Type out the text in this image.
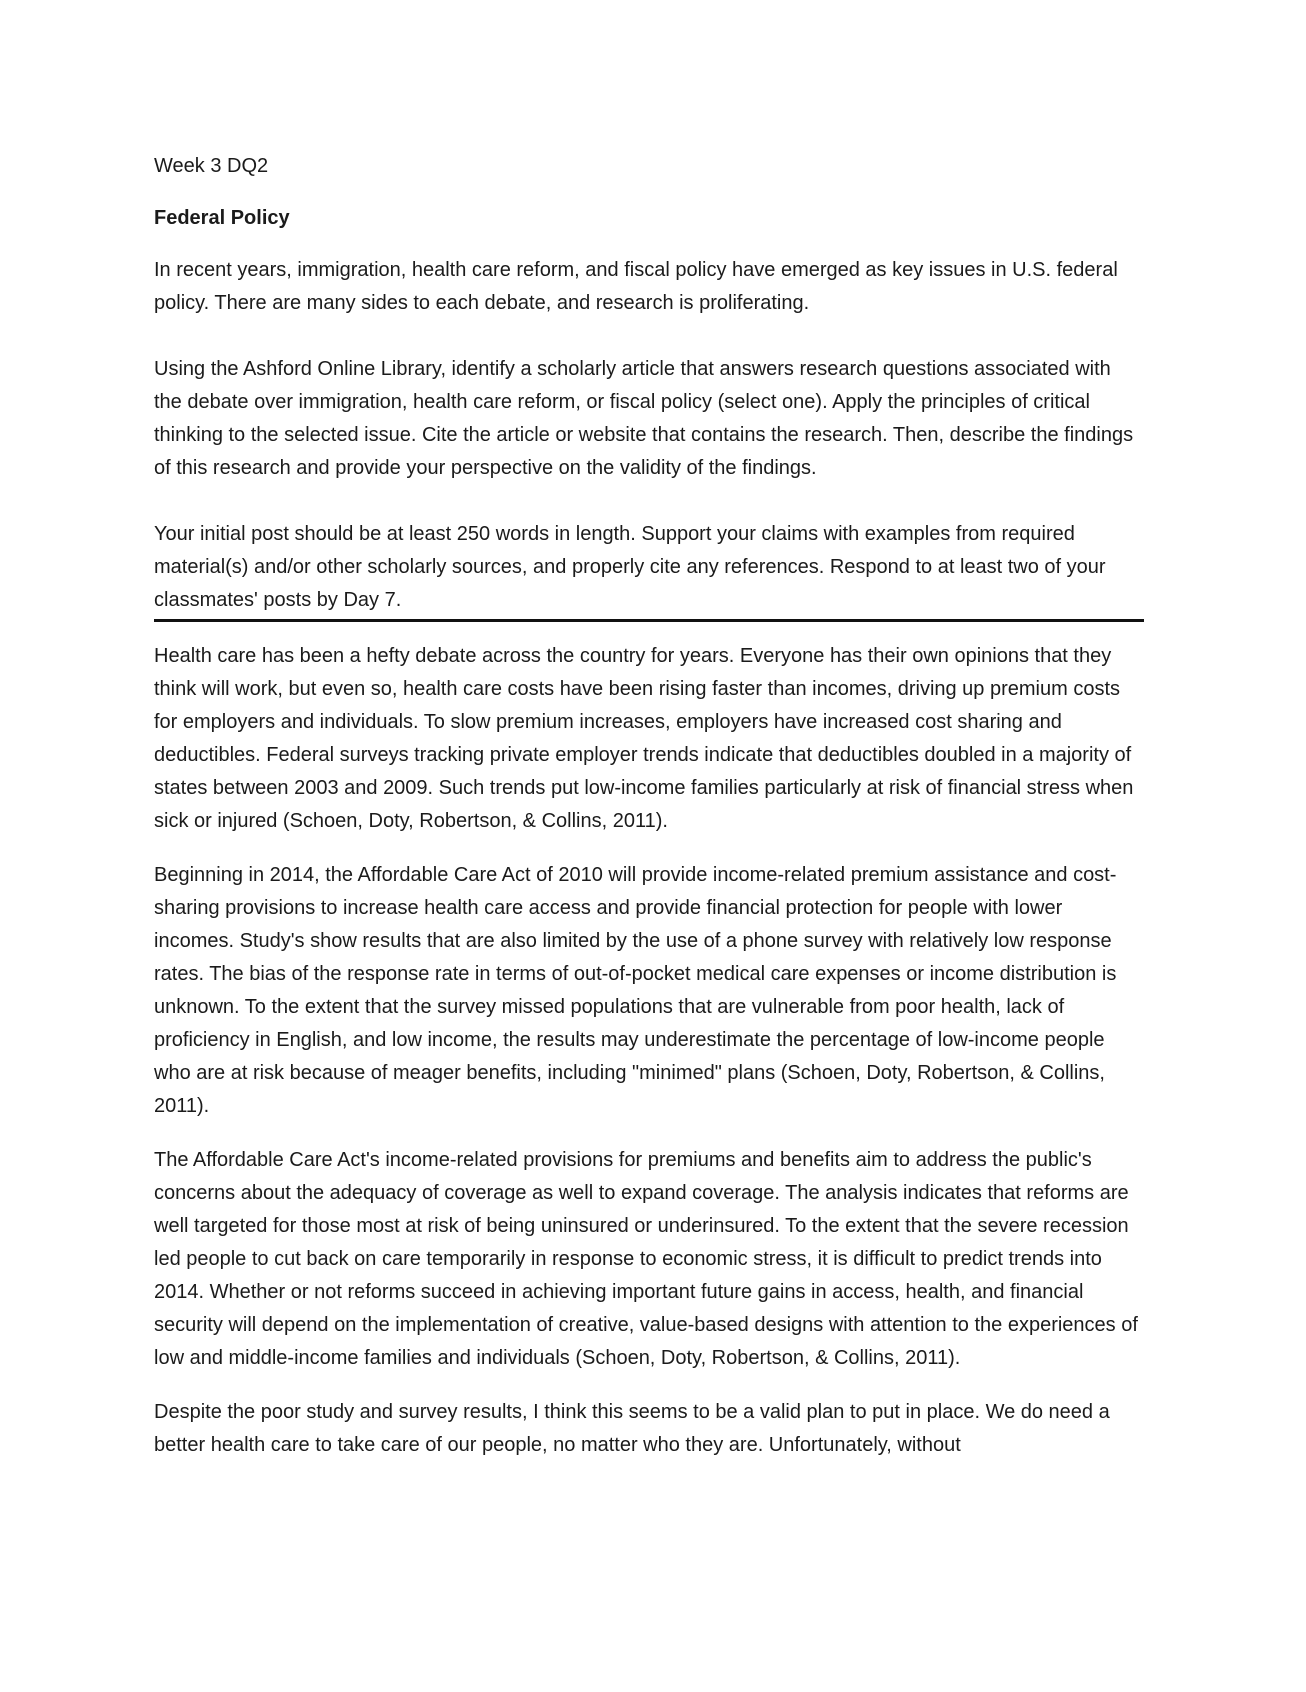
Week 3 DQ2
Federal Policy

In recent years, immigration, health care reform, and fiscal policy have emerged as key issues in U.S. federal policy. There are many sides to each debate, and research is proliferating.

Using the Ashford Online Library, identify a scholarly article that answers research questions associated with the debate over immigration, health care reform, or fiscal policy (select one). Apply the principles of critical thinking to the selected issue. Cite the article or website that contains the research. Then, describe the findings of this research and provide your perspective on the validity of the findings.

Your initial post should be at least 250 words in length. Support your claims with examples from required material(s) and/or other scholarly sources, and properly cite any references. Respond to at least two of your classmates' posts by Day 7.

Health care has been a hefty debate across the country for years. Everyone has their own opinions that they think will work, but even so, health care costs have been rising faster than incomes, driving up premium costs for employers and individuals. To slow premium increases, employers have increased cost sharing and deductibles. Federal surveys tracking private employer trends indicate that deductibles doubled in a majority of states between 2003 and 2009. Such trends put low-income families particularly at risk of financial stress when sick or injured (Schoen, Doty, Robertson, & Collins, 2011).

Beginning in 2014, the Affordable Care Act of 2010 will provide income-related premium assistance and cost-sharing provisions to increase health care access and provide financial protection for people with lower incomes. Study's show results that are also limited by the use of a phone survey with relatively low response rates. The bias of the response rate in terms of out-of-pocket medical care expenses or income distribution is unknown. To the extent that the survey missed populations that are vulnerable from poor health, lack of proficiency in English, and low income, the results may underestimate the percentage of low-income people who are at risk because of meager benefits, including "minimed" plans (Schoen, Doty, Robertson, & Collins, 2011).

The Affordable Care Act's income-related provisions for premiums and benefits aim to address the public's concerns about the adequacy of coverage as well to expand coverage. The analysis indicates that reforms are well targeted for those most at risk of being uninsured or underinsured. To the extent that the severe recession led people to cut back on care temporarily in response to economic stress, it is difficult to predict trends into 2014. Whether or not reforms succeed in achieving important future gains in access, health, and financial security will depend on the implementation of creative, value-based designs with attention to the experiences of low and middle-income families and individuals (Schoen, Doty, Robertson, & Collins, 2011).

Despite the poor study and survey results, I think this seems to be a valid plan to put in place. We do need a better health care to take care of our people, no matter who they are. Unfortunately, without
